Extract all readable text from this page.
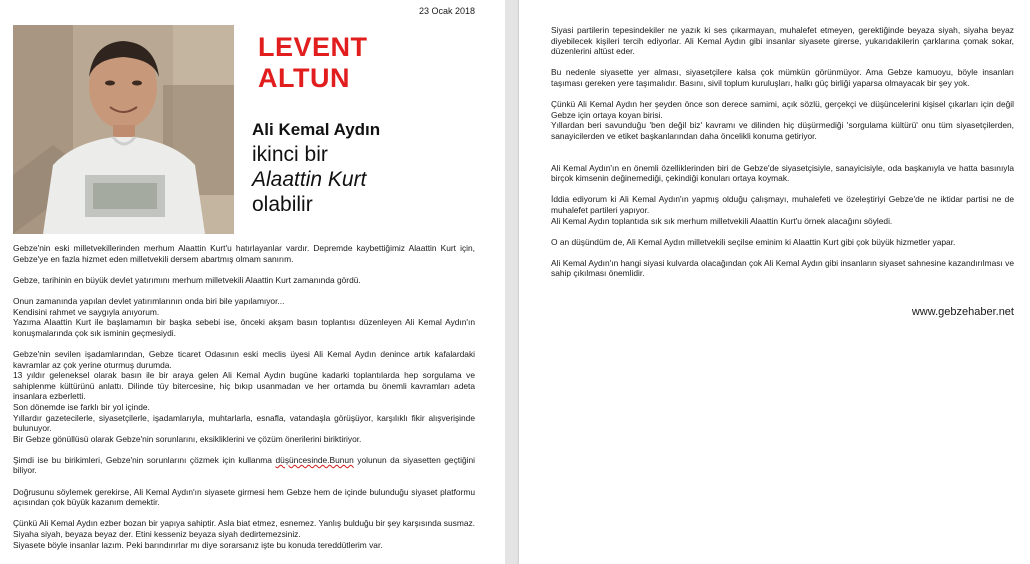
23 Ocak 2018
LEVENT
ALTUN
Ali Kemal Aydın
ikinci bir
Alaattin Kurt
olabilir

Gebze'nin eski milletvekillerinden merhum Alaattin Kurt'u hatırlayanlar vardır. Depremde kaybettiğimiz Alaattin Kurt için, Gebze'ye en fazla hizmet eden milletvekili dersem abartmış olmam sanırım.

Gebze, tarihinin en büyük devlet yatırımını merhum milletvekili Alaattin Kurt zamanında gördü.

Onun zamanında yapılan devlet yatırımlarının onda biri bile yapılamıyor...
Kendisini rahmet ve saygıyla anıyorum.
Yazıma Alaattin Kurt ile başlamamın bir başka sebebi ise, önceki akşam basın toplantısı düzenleyen Ali Kemal Aydın'ın konuşmalarında çok sık isminin geçmesiydi.

Gebze'nin sevilen işadamlarından, Gebze ticaret Odasının eski meclis üyesi Ali Kemal Aydın denince artık kafalardaki kavramlar az çok yerine oturmuş durumda.
13 yıldır geleneksel olarak basın ile bir araya gelen Ali Kemal Aydın bugüne kadarki toplantılarda hep sorgulama ve sahiplenme kültürünü anlattı. Dilinde tüy bitercesine, hiç bıkıp usanmadan ve her ortamda bu önemli kavramları adeta insanlara ezberletti.
Son dönemde ise farklı bir yol içinde.
Yıllardır gazetecilerle, siyasetçilerle, işadamlarıyla, muhtarlarla, esnafla, vatandaşla görüşüyor, karşılıklı fikir alışverişinde bulunuyor.
Bir Gebze gönüllüsü olarak Gebze'nin sorunlarını, eksikliklerini ve çözüm önerilerini biriktiriyor.

Şimdi ise bu birikimleri, Gebze'nin sorunlarını çözmek için kullanma düşüncesinde.Bunun yolunun da siyasetten geçtiğini biliyor.

Doğrusunu söylemek gerekirse, Ali Kemal Aydın'ın siyasete girmesi hem Gebze hem de içinde bulunduğu siyaset platformu açısından çok büyük kazanım demektir.

Çünkü Ali Kemal Aydın ezber bozan bir yapıya sahiptir. Asla biat etmez, esnemez. Yanlış bulduğu bir şey karşısında susmaz. Siyaha siyah, beyaza beyaz der. Etini kesseniz beyaza siyah dedirtemezsiniz.
Siyasete böyle insanlar lazım. Peki barındırırlar mı diye sorarsanız işte bu konuda tereddütlerim var.

Siyasi partilerin tepesindekiler ne yazık ki ses çıkarmayan, muhalefet etmeyen, gerektiğinde beyaza siyah, siyaha beyaz diyebilecek kişileri tercih ediyorlar. Ali Kemal Aydın gibi insanlar siyasete girerse, yukarıdakilerin çarklarına çomak sokar, düzenlerini altüst eder.

Bu nedenle siyasette yer alması, siyasetçilere kalsa çok mümkün görünmüyor. Ama Gebze kamuoyu, böyle insanları taşıması gereken yere taşımalıdır. Basını, sivil toplum kuruluşları, halkı güç birliği yaparsa olmayacak bir şey yok.

Çünkü Ali Kemal Aydın her şeyden önce son derece samimi, açık sözlü, gerçekçi ve düşüncelerini kişisel çıkarları için değil Gebze için ortaya koyan birisi.
Yıllardan beri savunduğu 'ben değil biz' kavramı ve dilinden hiç düşürmediği 'sorgulama kültürü' onu tüm siyasetçilerden, sanayicilerden ve etiket başkanlarından daha öncelikli konuma getiriyor.

Ali Kemal Aydın'ın en önemli özelliklerinden biri de Gebze'de siyasetçisiyle, sanayicisiyle, oda başkanıyla ve hatta basınıyla birçok kimsenin değinemediği, çekindiği konuları ortaya koymak.

İddia ediyorum ki Ali Kemal Aydın'ın yapmış olduğu çalışmayı, muhalefeti ve özeleştiriyi Gebze'de ne iktidar partisi ne de muhalefet partileri yapıyor.
Ali Kemal Aydın toplantıda sık sık merhum milletvekili Alaattin Kurt'u örnek alacağını söyledi.

O an düşündüm de, Ali Kemal Aydın milletvekili seçilse eminim ki Alaattin Kurt gibi çok büyük hizmetler yapar.

Ali Kemal Aydın'ın hangi siyasi kulvarda olacağından çok Ali Kemal Aydın gibi insanların siyaset sahnesine kazandırılması ve sahip çıkılması önemlidir.

www.gebzehaber.net
